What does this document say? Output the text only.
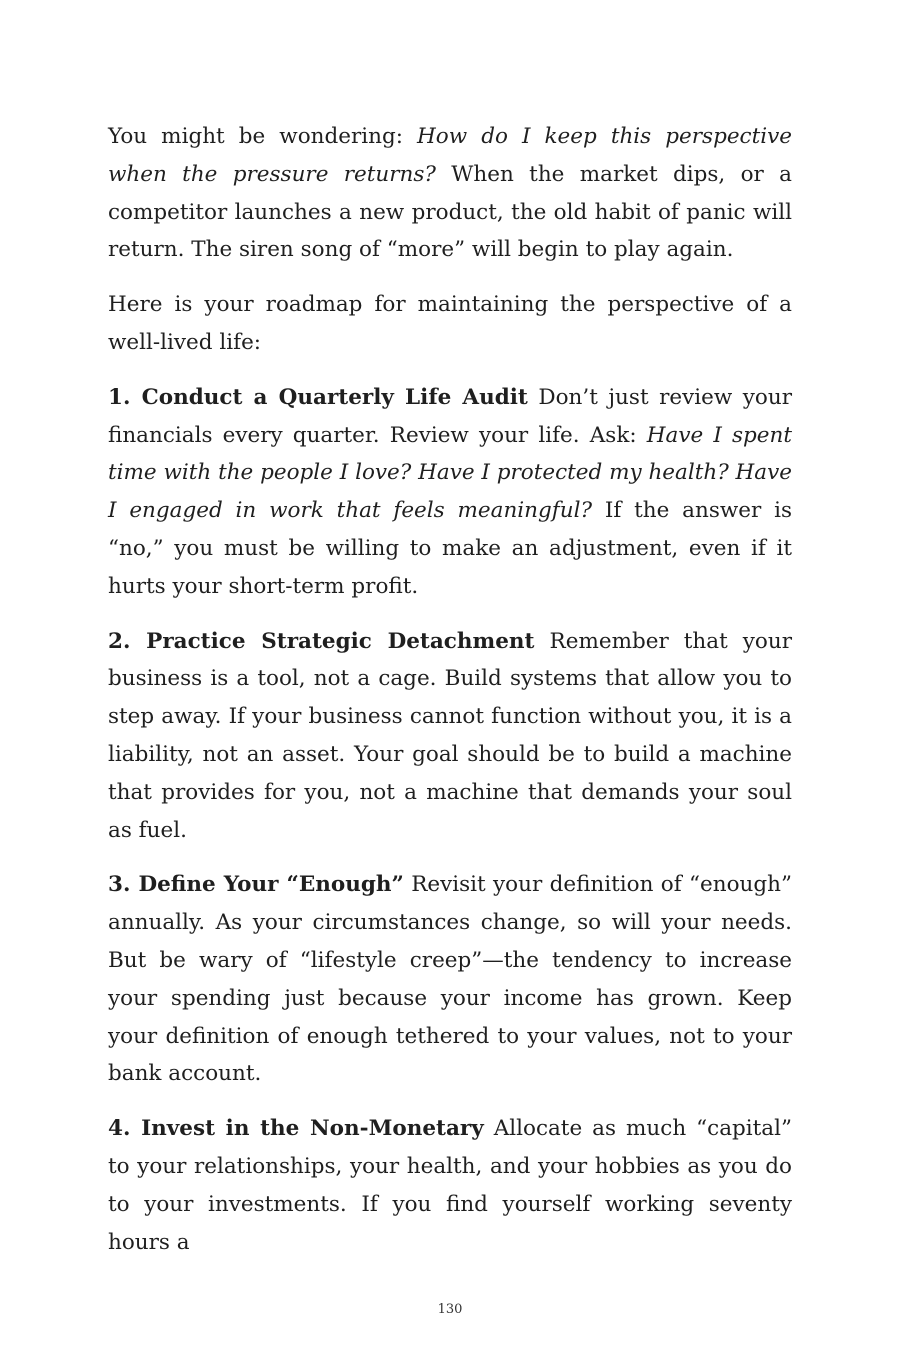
You might be wondering: How do I keep this perspective when the pressure returns? When the market dips, or a competitor launches a new product, the old habit of panic will return. The siren song of “more” will begin to play again.

Here is your roadmap for maintaining the perspective of a well-lived life:

1. Conduct a Quarterly Life Audit Don’t just review your financials every quarter. Review your life. Ask: Have I spent time with the people I love? Have I protected my health? Have I engaged in work that feels meaningful? If the answer is “no,” you must be willing to make an adjustment, even if it hurts your short-term profit.

2. Practice Strategic Detachment Remember that your business is a tool, not a cage. Build systems that allow you to step away. If your business cannot function without you, it is a liability, not an asset. Your goal should be to build a machine that provides for you, not a machine that demands your soul as fuel.

3. Define Your “Enough” Revisit your definition of “enough” annually. As your circumstances change, so will your needs. But be wary of “lifestyle creep”—the tendency to increase your spending just because your income has grown. Keep your definition of enough tethered to your values, not to your bank account.

4. Invest in the Non-Monetary Allocate as much “capital” to your relationships, your health, and your hobbies as you do to your investments. If you find yourself working seventy hours a

130
